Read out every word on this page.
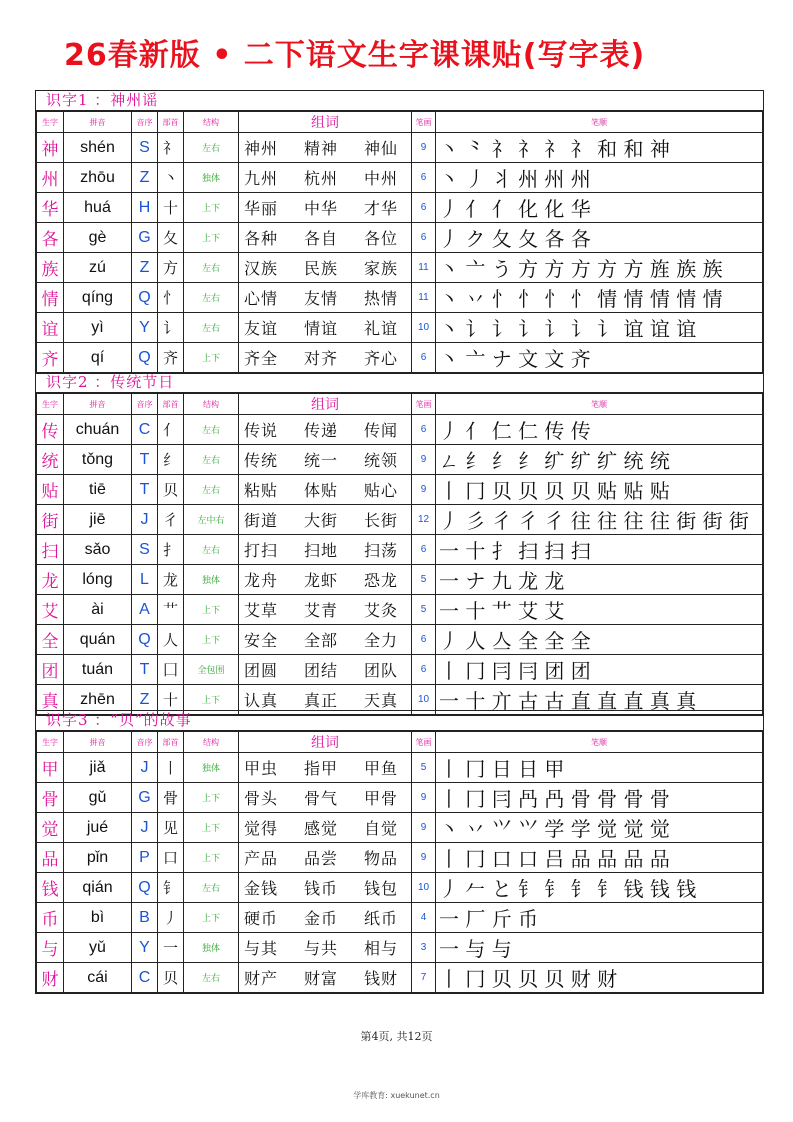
26春新版 • 二下语文生字课课贴(写字表)
识字1 ：神州谣
生字	拼音	音序	部首	结构	组词	笔画	笔顺
神	shén	S	礻	左右	神州 精神 神仙	9	丶 ⺀ 礻 礻 礻 礻 和 和 神
州	zhōu	Z	丶	独体	九州 杭州 中州	6	丶 丿 丬 州 州 州
华	huá	H	十	上下	华丽 中华 才华	6	丿 亻 亻 化 化 华
各	gè	G	夂	上下	各种 各自 各位	6	丿 ク 夂 夂 各 各
族	zú	Z	方	左右	汉族 民族 家族	11	丶 亠 う 方 方 方 方 方 旌 族 族
情	qíng	Q	忄	左右	心情 友情 热情	11	丶 丷 忄 忄 忄 忄 情 情 情 情 情
谊	yì	Y	讠	左右	友谊 情谊 礼谊	10	丶 讠 讠 讠 讠 讠 讠 谊 谊 谊
齐	qí	Q	齐	上下	齐全 对齐 齐心	6	丶 亠 ナ 文 文 齐
识字2 ：传统节日
生字	拼音	音序	部首	结构	组词	笔画	笔顺
传	chuán	C	亻	左右	传说 传递 传闻	6	丿 亻 仁 仁 传 传
统	tǒng	T	纟	左右	传统 统一 统领	9	ㄥ 纟 纟 纟 纩 纩 纩 统 统
贴	tiē	T	贝	左右	粘贴 体贴 贴心	9	丨 冂 贝 贝 贝 贝 贴 贴 贴
街	jiē	J	彳	左中右	街道 大街 长街	12	丿 彡 彳 彳 彳 往 往 往 往 街 街 街
扫	sǎo	S	扌	左右	打扫 扫地 扫荡	6	一 十 扌 扫 扫 扫
龙	lóng	L	龙	独体	龙舟 龙虾 恐龙	5	一 ナ 九 龙 龙
艾	ài	A	艹	上下	艾草 艾青 艾灸	5	一 十 艹 艾 艾
全	quán	Q	人	上下	安全 全部 全力	6	丿 人 亼 全 全 全
团	tuán	T	囗	全包围	团圆 团结 团队	6	丨 冂 冃 冃 团 团
真	zhēn	Z	十	上下	认真 真正 天真	10	一 十 亣 古 古 直 直 直 真 真
识字3 ：“贝”的故事
生字	拼音	音序	部首	结构	组词	笔画	笔顺
甲	jiǎ	J	丨	独体	甲虫 指甲 甲鱼	5	丨 冂 日 日 甲
骨	gǔ	G	骨	上下	骨头 骨气 甲骨	9	丨 冂 冃 冎 冎 骨 骨 骨 骨
觉	jué	J	见	上下	觉得 感觉 自觉	9	丶 丷 ⺍ ⺍ 学 学 觉 觉 觉
品	pǐn	P	口	上下	产品 品尝 物品	9	丨 冂 口 口 吕 品 品 品 品
钱	qián	Q	钅	左右	金钱 钱币 钱包	10	丿 𠂉 と 钅 钅 钅 钅 钱 钱 钱
币	bì	B	丿	上下	硬币 金币 纸币	4	一 厂 斤 币
与	yǔ	Y	一	独体	与其 与共 相与	3	一 与 与
财	cái	C	贝	左右	财产 财富 钱财	7	丨 冂 贝 贝 贝 财 财
第4页, 共12页
学库教育: xuekunet.cn
